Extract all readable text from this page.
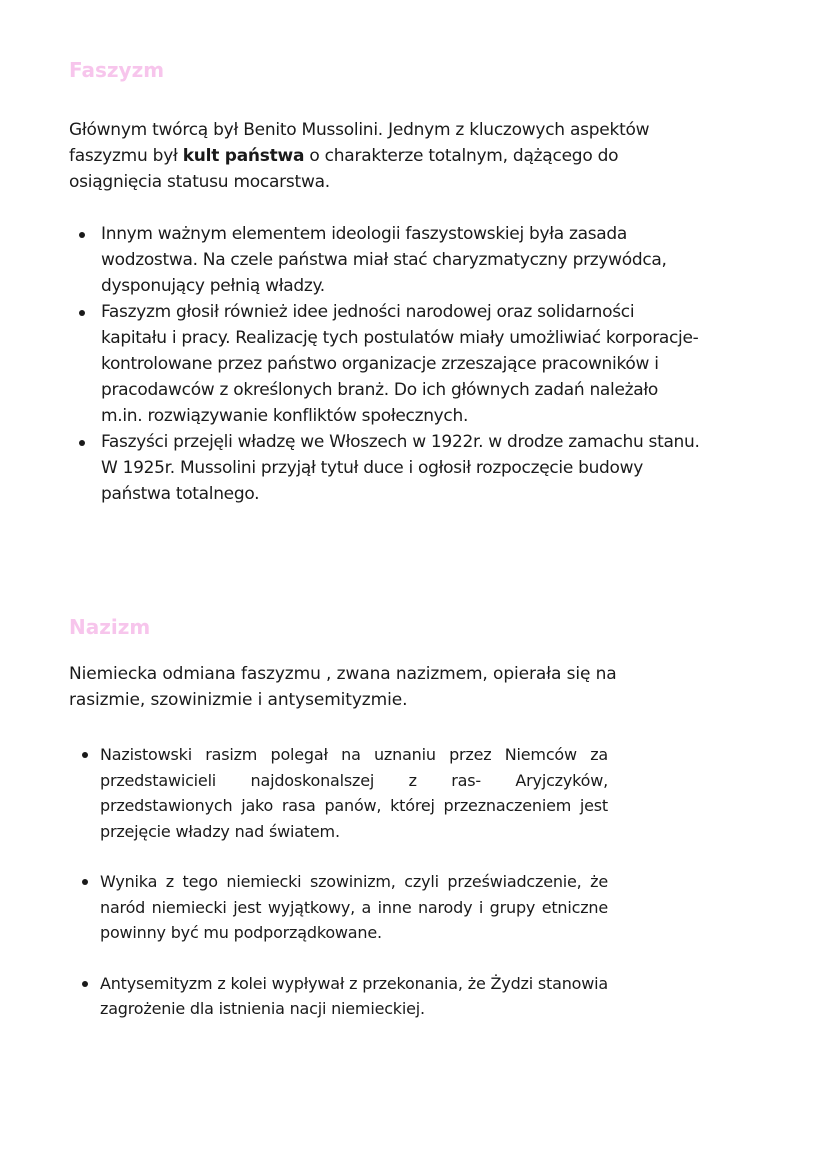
Faszyzm

Głównym twórcą był Benito Mussolini. Jednym z kluczowych aspektów faszyzmu był kult państwa o charakterze totalnym, dążącego do osiągnięcia statusu mocarstwa.

Innym ważnym elementem ideologii faszystowskiej była zasada wodzostwa. Na czele państwa miał stać charyzmatyczny przywódca, dysponujący pełnią władzy.
Faszyzm głosił również idee jedności narodowej oraz solidarności kapitału i pracy. Realizację tych postulatów miały umożliwiać korporacje- kontrolowane przez państwo organizacje zrzeszające pracowników i pracodawców z określonych branż. Do ich głównych zadań należało m.in. rozwiązywanie konfliktów społecznych.
Faszyści przejęli władzę we Włoszech w 1922r. w drodze zamachu stanu. W 1925r. Mussolini przyjął tytuł duce i ogłosił rozpoczęcie budowy państwa totalnego.
Nazizm

Niemiecka odmiana faszyzmu , zwana nazizmem, opierała się na rasizmie, szowinizmie i antysemityzmie.

Nazistowski rasizm polegał na uznaniu przez Niemców za przedstawicieli najdoskonalszej z ras- Aryjczyków, przedstawionych jako rasa panów, której przeznaczeniem jest przejęcie władzy nad światem.
Wynika z tego niemiecki szowinizm, czyli przeświadczenie, że naród niemiecki jest wyjątkowy, a inne narody i grupy etniczne powinny być mu podporządkowane.
Antysemityzm z kolei wypływał z przekonania, że Żydzi stanowia zagrożenie dla istnienia nacji niemieckiej.
